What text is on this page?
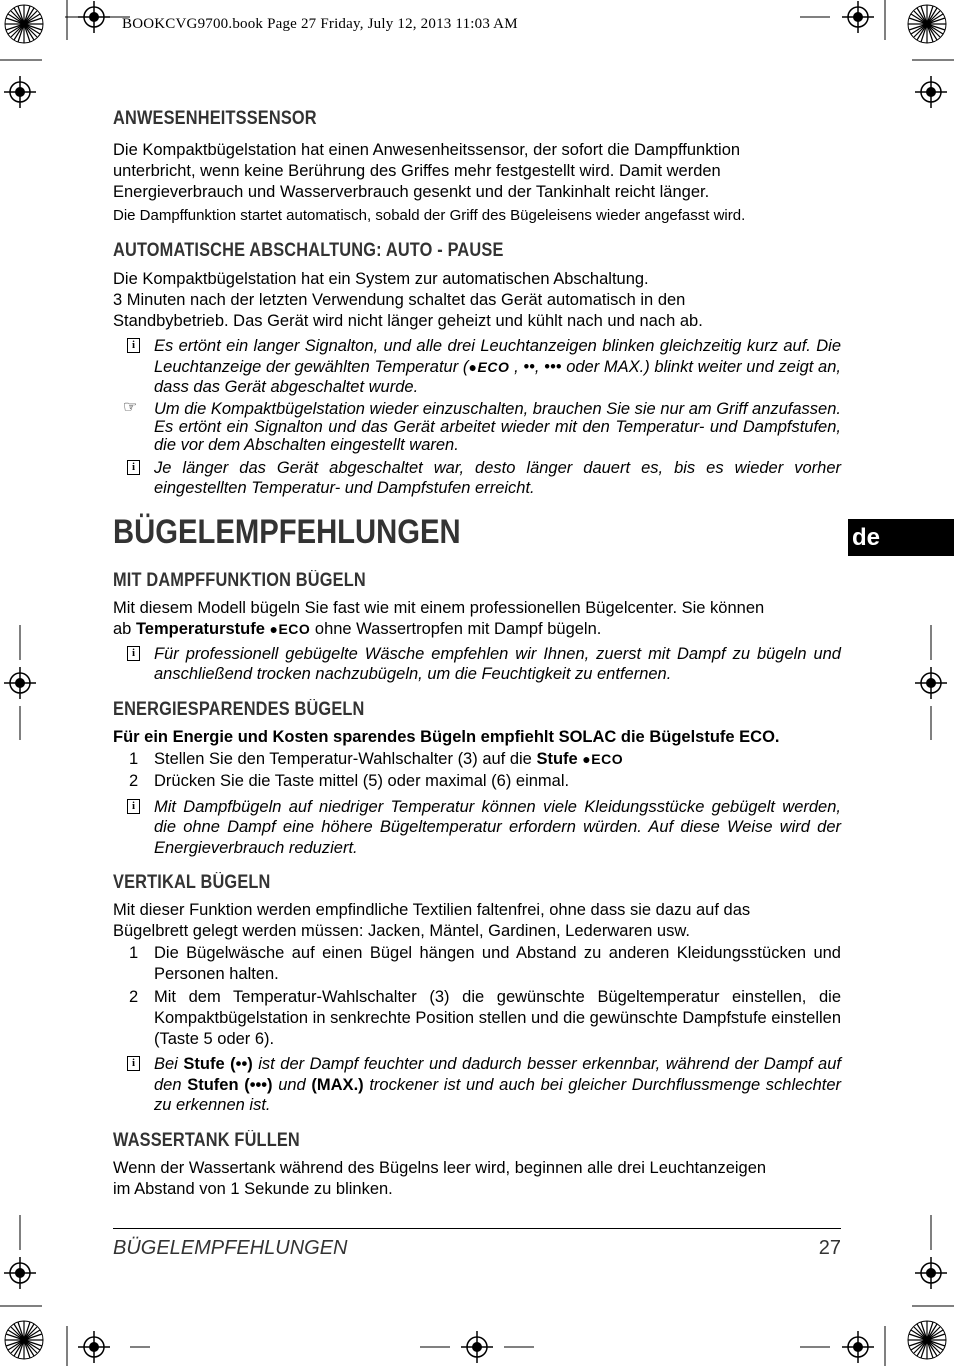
BOOKCVG9700.book Page 27 Friday, July 12, 2013 11:03 AM
de
ANWESENHEITSSENSOR

Die Kompaktbügelstation hat einen Anwesenheitssensor, der sofort die Dampffunktion

unterbricht, wenn keine Berührung des Griffes mehr festgestellt wird. Damit werden

Energieverbrauch und Wasserverbrauch gesenkt und der Tankinhalt reicht länger.

Die Dampffunktion startet automatisch, sobald der Griff des Bügeleisens wieder angefasst wird.

AUTOMATISCHE ABSCHALTUNG: AUTO - PAUSE

Die Kompaktbügelstation hat ein System zur automatischen Abschaltung.

3 Minuten nach der letzten Verwendung schaltet das Gerät automatisch in den

Standbybetrieb. Das Gerät wird nicht länger geheizt und kühlt nach und nach ab.

i	Es ertönt ein langer Signalton, und alle drei Leuchtanzeigen blinken gleichzeitig kurz auf. Die Leuchtanzeige der gewählten Temperatur (●ECO , ••, ••• oder MAX.) blinkt weiter und zeigt an, dass das Gerät abgeschaltet wurde.
☞ Um die Kompaktbügelstation wieder einzuschalten, brauchen Sie sie nur am Griff anzufassen. Es ertönt ein Signalton und das Gerät arbeitet wieder mit den Temperatur- und Dampfstufen, die vor dem Abschalten eingestellt waren.
i	Je länger das Gerät abgeschaltet war, desto länger dauert es, bis es wieder vorher eingestellten Temperatur- und Dampfstufen erreicht.
BÜGELEMPFEHLUNGEN
MIT DAMPFFUNKTION BÜGELN

Mit diesem Modell bügeln Sie fast wie mit einem professionellen Bügelcenter. Sie können

ab Temperaturstufe ●ECO ohne Wassertropfen mit Dampf bügeln.

i	Für professionell gebügelte Wäsche empfehlen wir Ihnen, zuerst mit Dampf zu bügeln und anschließend trocken nachzubügeln, um die Feuchtigkeit zu entfernen.
ENERGIESPARENDES BÜGELN

Für ein Energie und Kosten sparendes Bügeln empfiehlt SOLAC die Bügelstufe ECO.

1 Stellen Sie den Temperatur-Wahlschalter (3) auf die Stufe ●ECO
2 Drücken Sie die Taste mittel (5) oder maximal (6) einmal.
i	Mit Dampfbügeln auf niedriger Temperatur können viele Kleidungsstücke gebügelt werden, die ohne Dampf eine höhere Bügeltemperatur erfordern würden. Auf diese Weise wird der Energieverbrauch reduziert.
VERTIKAL BÜGELN

Mit dieser Funktion werden empfindliche Textilien faltenfrei, ohne dass sie dazu auf das

Bügelbrett gelegt werden müssen: Jacken, Mäntel, Gardinen, Lederwaren usw.

1 Die Bügelwäsche auf einen Bügel hängen und Abstand zu anderen Kleidungsstücken und Personen halten.
2 Mit dem Temperatur-Wahlschalter (3) die gewünschte Bügeltemperatur einstellen, die Kompaktbügelstation in senkrechte Position stellen und die gewünschte Dampfstufe einstellen (Taste 5 oder 6).
i	Bei Stufe (••) ist der Dampf feuchter und dadurch besser erkennbar, während der Dampf auf den Stufen (•••) und (MAX.) trockener ist und auch bei gleicher Durchflussmenge schlechter zu erkennen ist.
WASSERTANK FÜLLEN

Wenn der Wassertank während des Bügelns leer wird, beginnen alle drei Leuchtanzeigen

im Abstand von 1 Sekunde zu blinken.

BÜGELEMPFEHLUNGEN	27
